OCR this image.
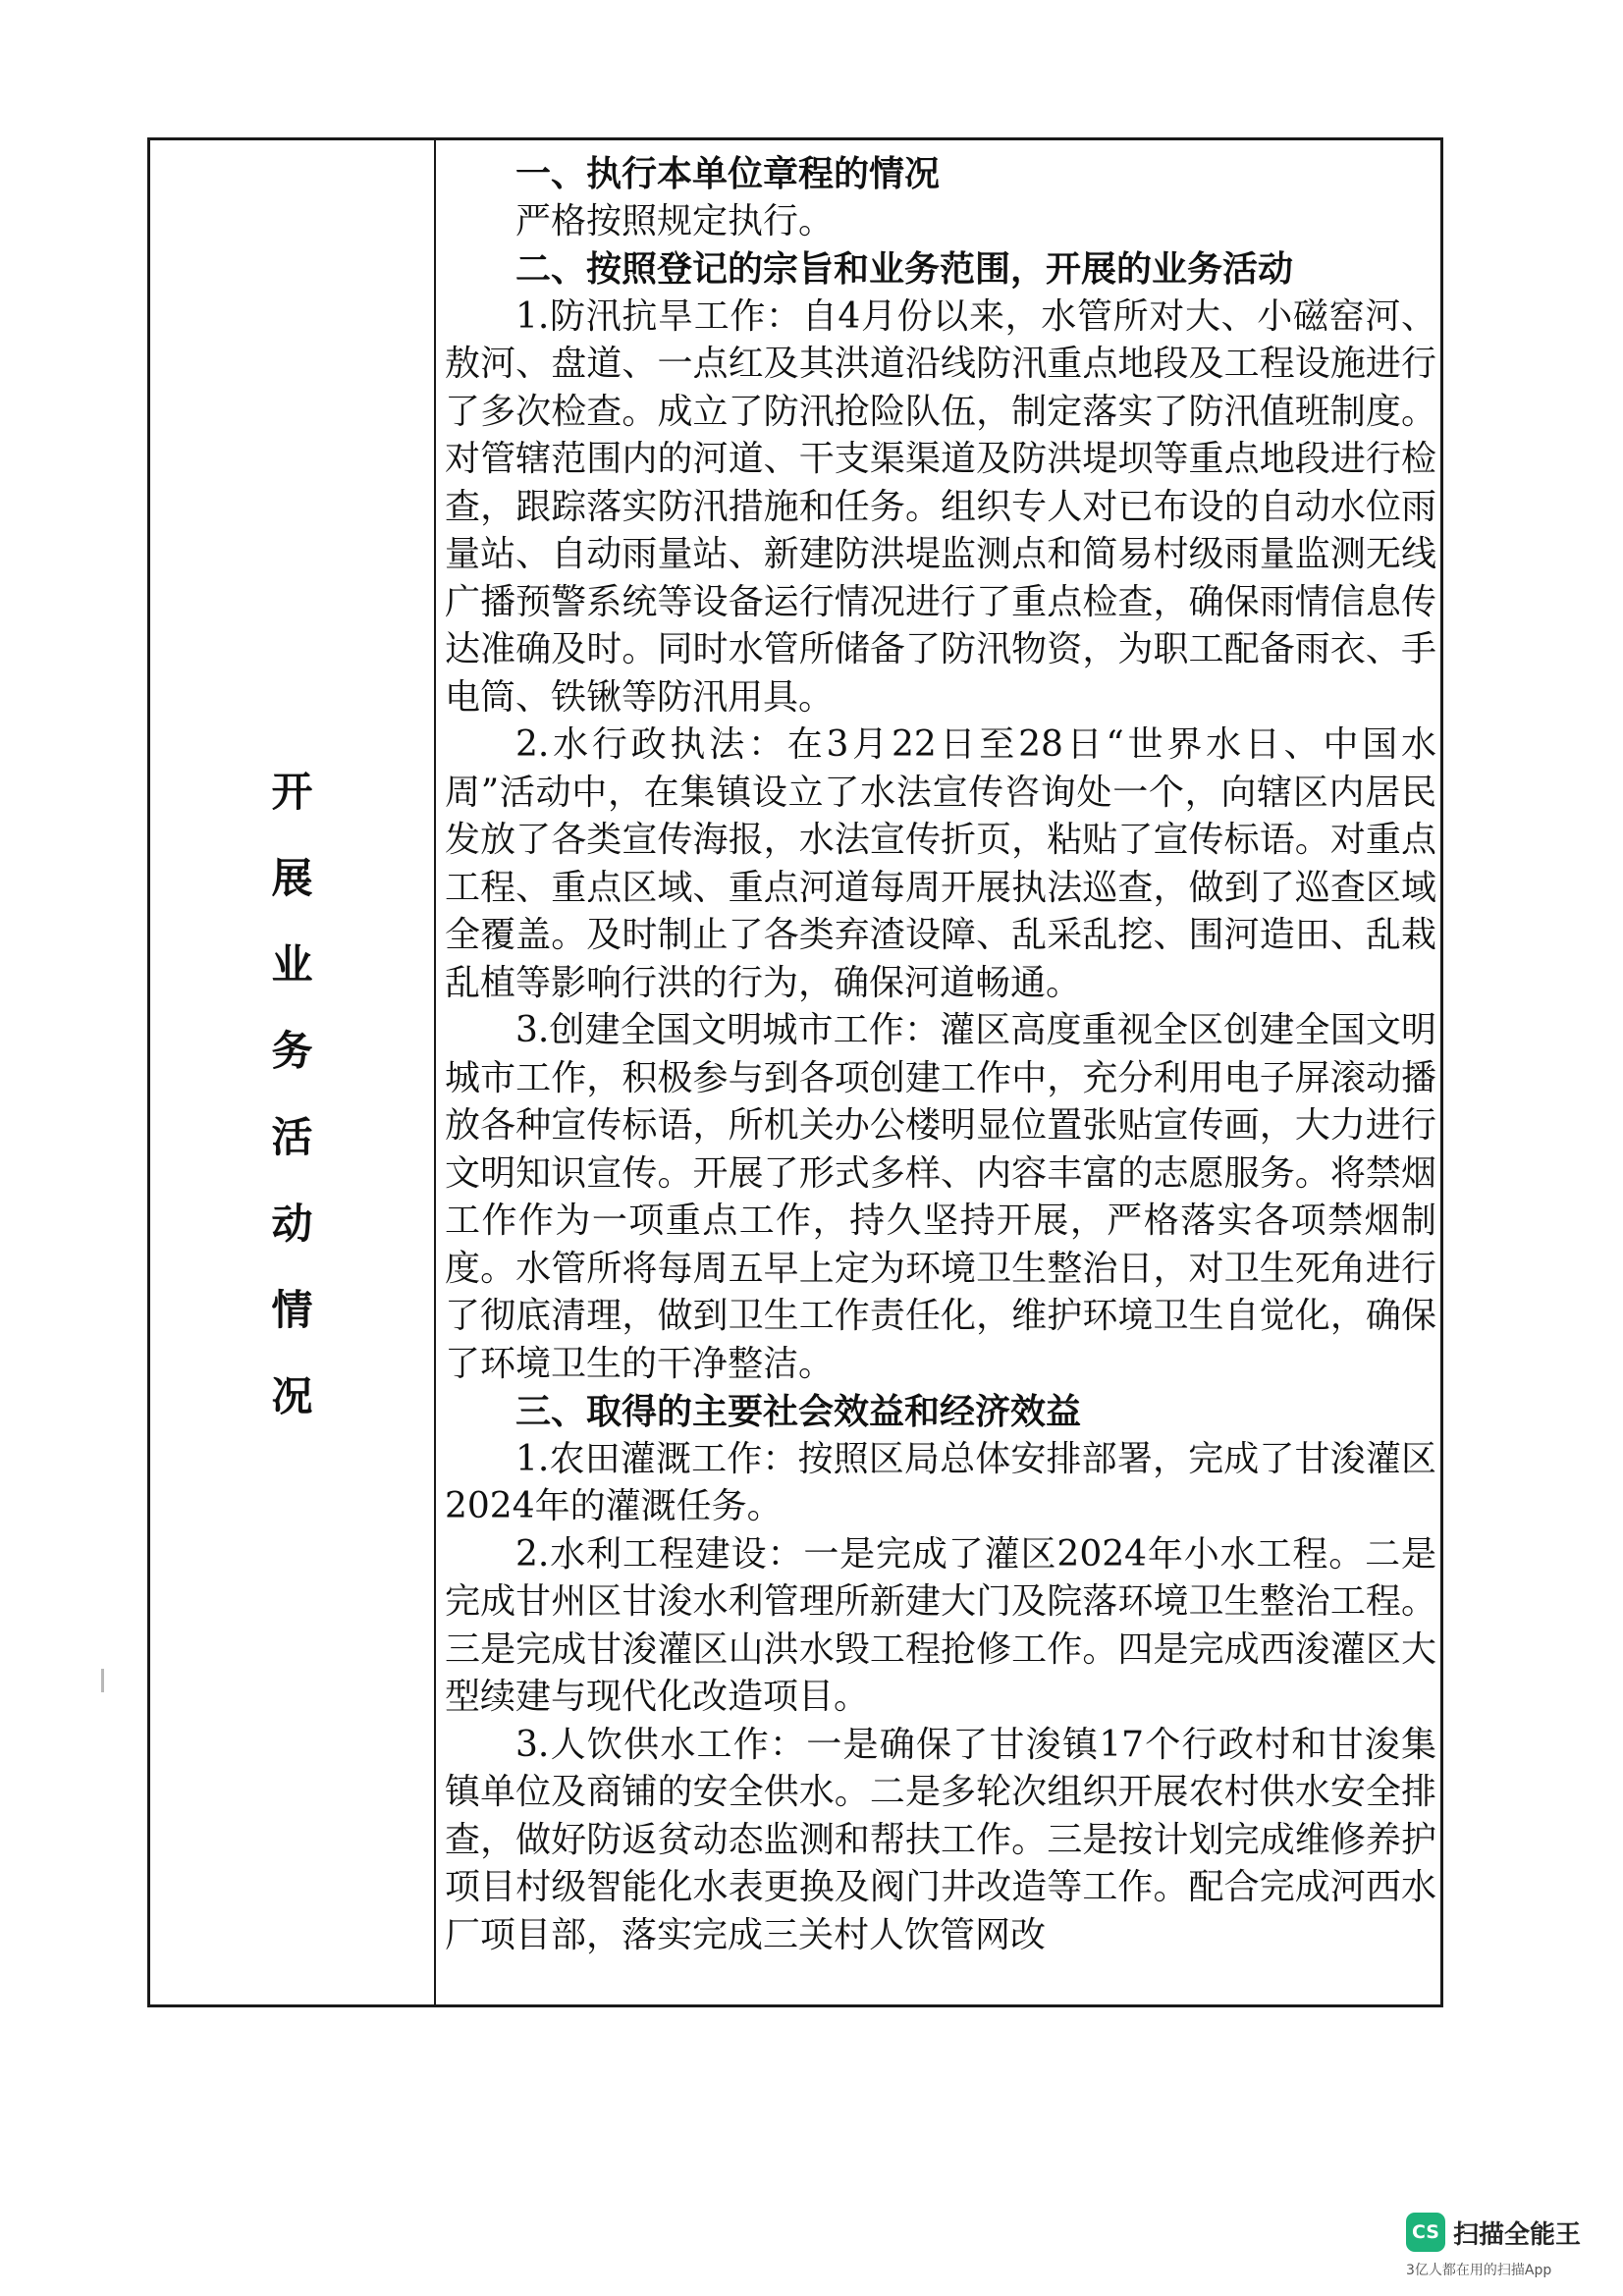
开
展
业
务
活
动
情
况

一、执行本单位章程的情况

严格按照规定执行。

二、按照登记的宗旨和业务范围，开展的业务活动

1.防汛抗旱工作：自4月份以来，水管所对大、小磁窑河、敖河、盘道、一点红及其洪道沿线防汛重点地段及工程设施进行了多次检查。成立了防汛抢险队伍，制定落实了防汛值班制度。对管辖范围内的河道、干支渠渠道及防洪堤坝等重点地段进行检查，跟踪落实防汛措施和任务。组织专人对已布设的自动水位雨量站、自动雨量站、新建防洪堤监测点和简易村级雨量监测无线广播预警系统等设备运行情况进行了重点检查，确保雨情信息传达准确及时。同时水管所储备了防汛物资，为职工配备雨衣、手电筒、铁锹等防汛用具。

2.水行政执法：在3月22日至28日“世界水日、中国水周”活动中，在集镇设立了水法宣传咨询处一个，向辖区内居民发放了各类宣传海报，水法宣传折页，粘贴了宣传标语。对重点工程、重点区域、重点河道每周开展执法巡查，做到了巡查区域全覆盖。及时制止了各类弃渣设障、乱采乱挖、围河造田、乱栽乱植等影响行洪的行为，确保河道畅通。

3.创建全国文明城市工作：灌区高度重视全区创建全国文明城市工作，积极参与到各项创建工作中，充分利用电子屏滚动播放各种宣传标语，所机关办公楼明显位置张贴宣传画，大力进行文明知识宣传。开展了形式多样、内容丰富的志愿服务。将禁烟工作作为一项重点工作，持久坚持开展，严格落实各项禁烟制度。水管所将每周五早上定为环境卫生整治日，对卫生死角进行了彻底清理，做到卫生工作责任化，维护环境卫生自觉化，确保了环境卫生的干净整洁。

三、取得的主要社会效益和经济效益

1.农田灌溉工作：按照区局总体安排部署，完成了甘浚灌区2024年的灌溉任务。

2.水利工程建设：一是完成了灌区2024年小水工程。二是完成甘州区甘浚水利管理所新建大门及院落环境卫生整治工程。三是完成甘浚灌区山洪水毁工程抢修工作。四是完成西浚灌区大型续建与现代化改造项目。

3.人饮供水工作：一是确保了甘浚镇17个行政村和甘浚集镇单位及商铺的安全供水。二是多轮次组织开展农村供水安全排查，做好防返贫动态监测和帮扶工作。三是按计划完成维修养护项目村级智能化水表更换及阀门井改造等工作。配合完成河西水厂项目部，落实完成三关村人饮管网改

CS 扫描全能王
3亿人都在用的扫描App
